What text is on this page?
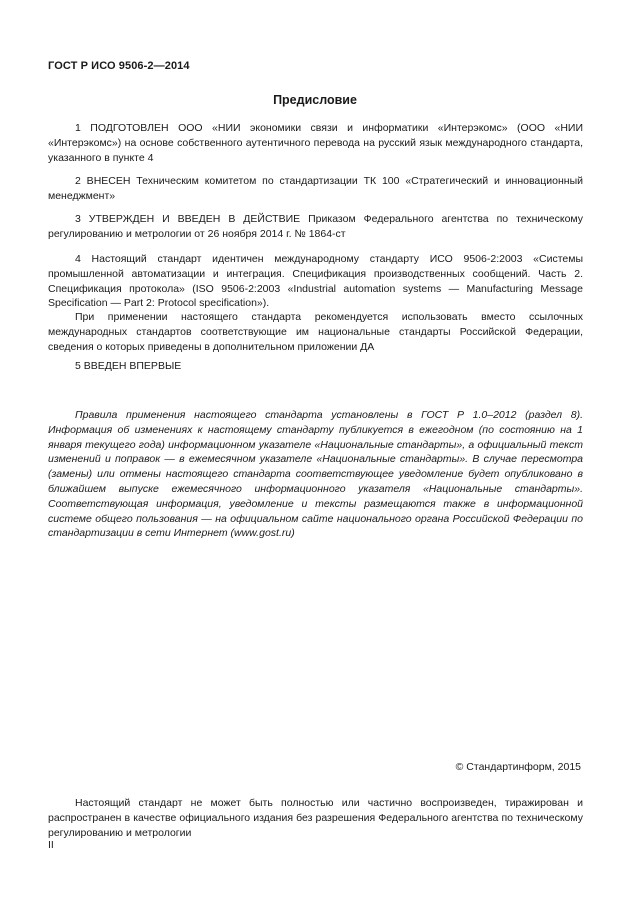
ГОСТ Р ИСО 9506-2—2014
Предисловие

1 ПОДГОТОВЛЕН ООО «НИИ экономики связи и информатики «Интерэкомс» (ООО «НИИ «Интерэкомс») на основе собственного аутентичного перевода на русский язык международного стандарта, указанного в пункте 4

2 ВНЕСЕН Техническим комитетом по стандартизации ТК 100 «Стратегический и инновационный менеджмент»

3 УТВЕРЖДЕН И ВВЕДЕН В ДЕЙСТВИЕ Приказом Федерального агентства по техническому регулированию и метрологии от 26 ноября 2014 г. № 1864-ст

4 Настоящий стандарт идентичен международному стандарту ИСО 9506-2:2003 «Системы промышленной автоматизации и интеграция. Спецификация производственных сообщений. Часть 2. Спецификация протокола» (ISO 9506-2:2003 «Industrial automation systems — Manufacturing Message Specification — Part 2: Protocol specification»).

При применении настоящего стандарта рекомендуется использовать вместо ссылочных международных стандартов соответствующие им национальные стандарты Российской Федерации, сведения о которых приведены в дополнительном приложении ДА

5 ВВЕДЕН ВПЕРВЫЕ

Правила применения настоящего стандарта установлены в ГОСТ Р 1.0–2012 (раздел 8). Информация об изменениях к настоящему стандарту публикуется в ежегодном (по состоянию на 1 января текущего года) информационном указателе «Национальные стандарты», а официальный текст изменений и поправок — в ежемесячном указателе «Национальные стандарты». В случае пересмотра (замены) или отмены настоящего стандарта соответствующее уведомление будет опубликовано в ближайшем выпуске ежемесячного информационного указателя «Национальные стандарты». Соответствующая информация, уведомление и тексты размещаются также в информационной системе общего пользования — на официальном сайте национального органа Российской Федерации по стандартизации в сети Интернет (www.gost.ru)

© Стандартинформ, 2015

Настоящий стандарт не может быть полностью или частично воспроизведен, тиражирован и распространен в качестве официального издания без разрешения Федерального агентства по техническому регулированию и метрологии

II
